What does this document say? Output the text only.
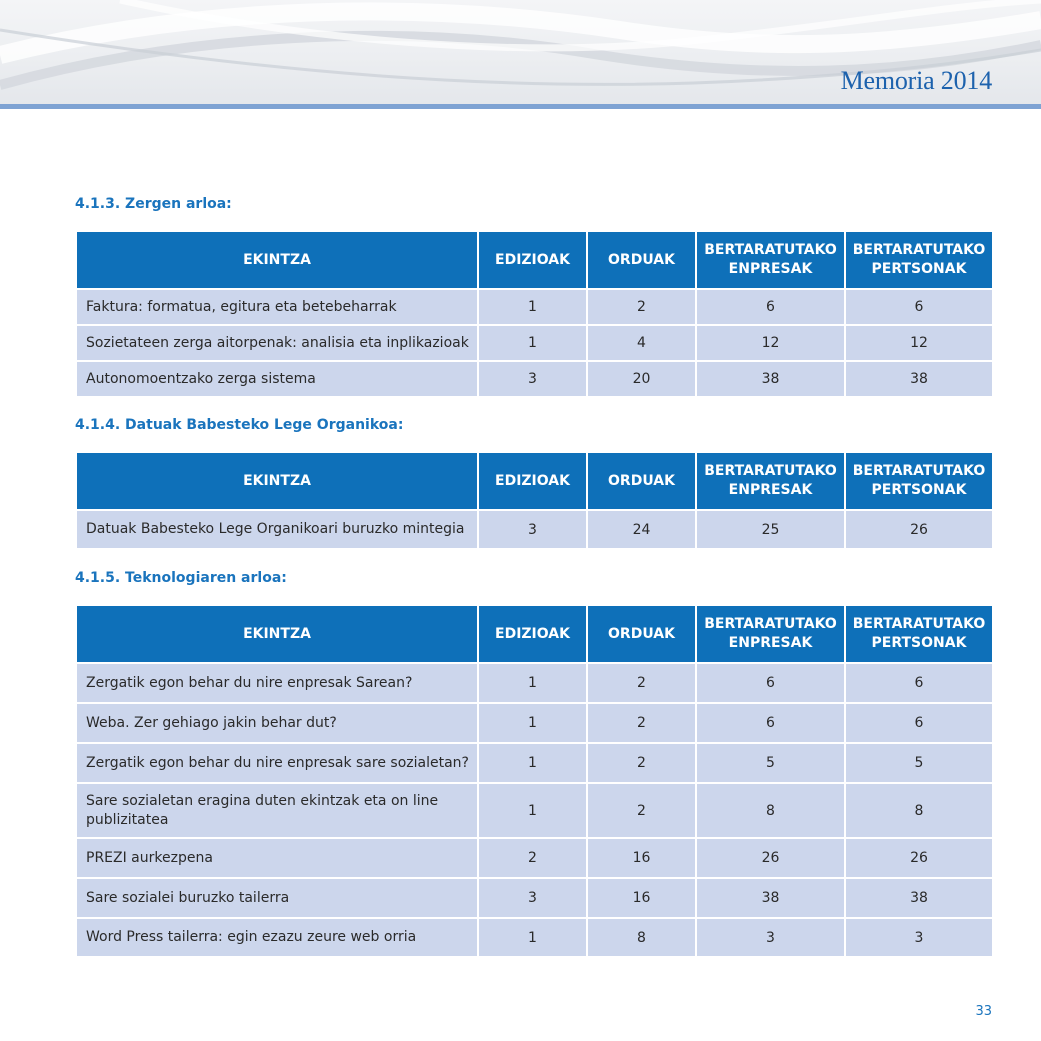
Memoria 2014
4.1.3. Zergen arloa:
EKINTZA	EDIZIOAK	ORDUAK	BERTARATUTAKO ENPRESAK	BERTARATUTAKO PERTSONAK
Faktura: formatua, egitura eta betebeharrak	1	2	6	6
Sozietateen zerga aitorpenak: analisia eta inplikazioak	1	4	12	12
Autonomoentzako zerga sistema	3	20	38	38
4.1.4. Datuak Babesteko Lege Organikoa:
EKINTZA	EDIZIOAK	ORDUAK	BERTARATUTAKO ENPRESAK	BERTARATUTAKO PERTSONAK
Datuak Babesteko Lege Organikoari buruzko mintegia	3	24	25	26
4.1.5. Teknologiaren arloa:
EKINTZA	EDIZIOAK	ORDUAK	BERTARATUTAKO ENPRESAK	BERTARATUTAKO PERTSONAK
Zergatik egon behar du nire enpresak Sarean?	1	2	6	6
Weba. Zer gehiago jakin behar dut?	1	2	6	6
Zergatik egon behar du nire enpresak sare sozialetan?	1	2	5	5
Sare sozialetan eragina duten ekintzak eta on line publizitatea	1	2	8	8
PREZI aurkezpena	2	16	26	26
Sare sozialei buruzko tailerra	3	16	38	38
Word Press tailerra: egin ezazu zeure web orria	1	8	3	3
33
